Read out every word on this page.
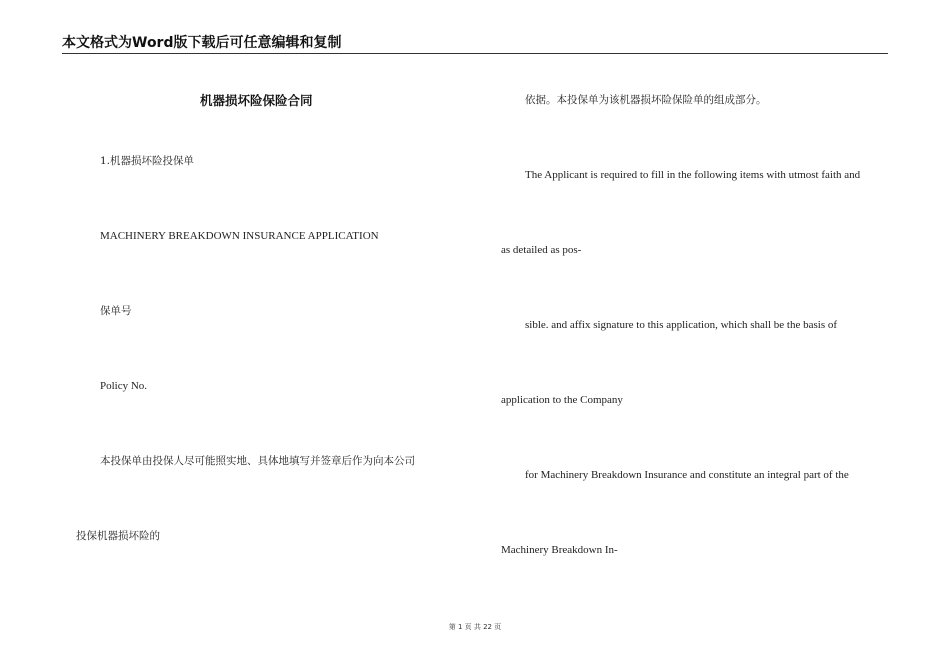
本文格式为Word版下载后可任意编辑和复制
机器损坏险保险合同
1.机器损坏险投保单
MACHINERY BREAKDOWN INSURANCE APPLICATION
保单号
Policy No.
本投保单由投保人尽可能照实地、具体地填写并签章后作为向本公司
投保机器损坏险的
依据。本投保单为该机器损坏险保险单的组成部分。
The Applicant is required to fill in the following items with utmost faith and
as detailed as pos-
sible. and affix signature to this application, which shall be the basis of
application to the Company
for Machinery Breakdown Insurance and constitute an integral part of the
Machinery Breakdown In-
第 1 页 共 22 页
